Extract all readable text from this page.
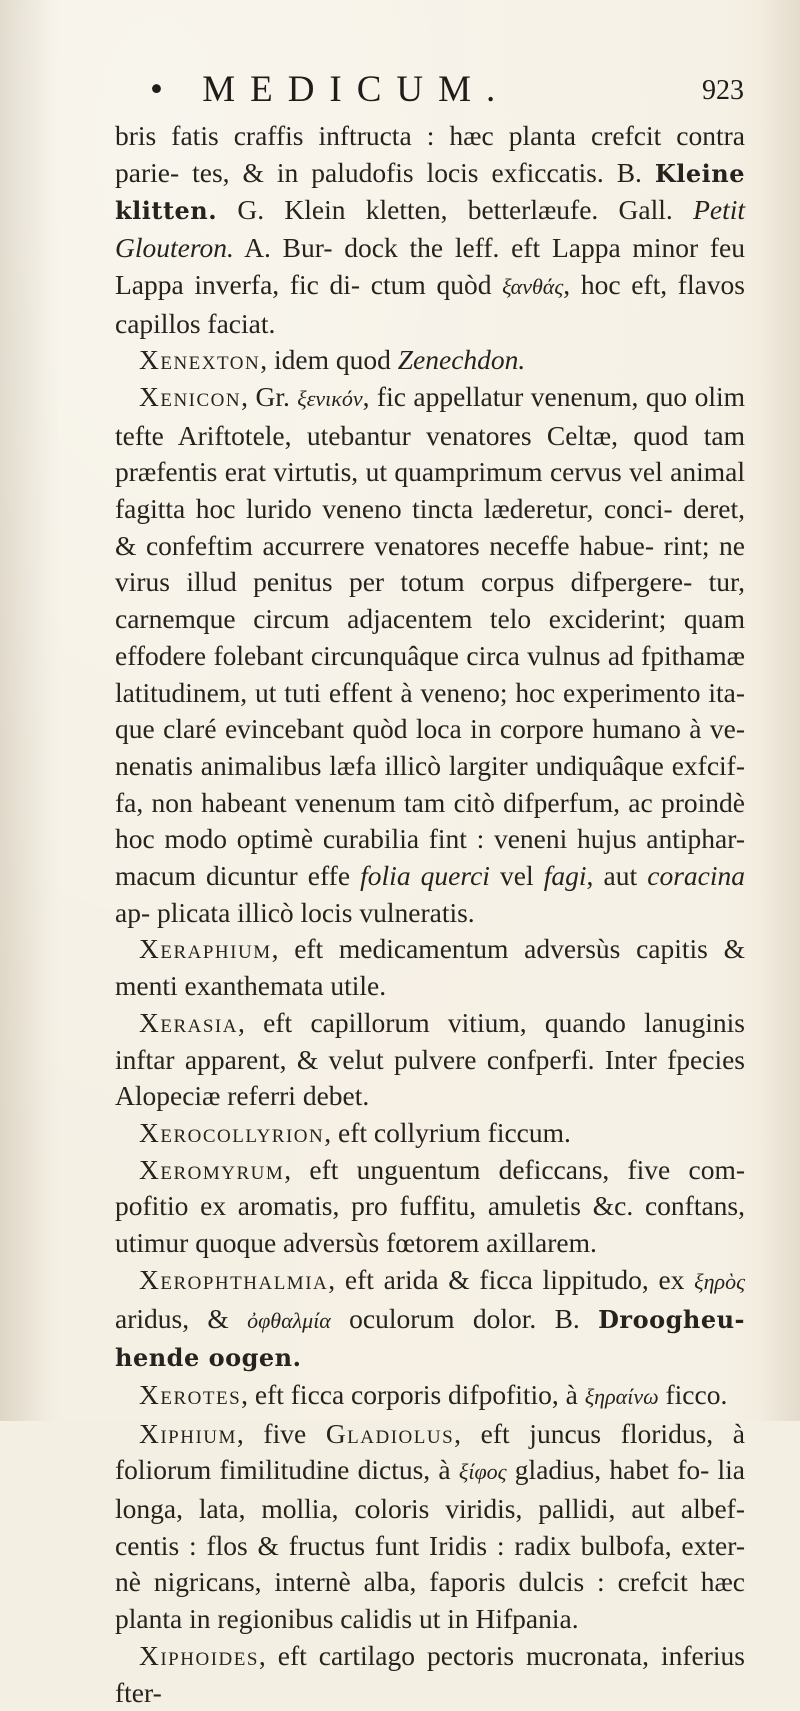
• MEDICUM.	923

bris fatis craffis inftructa : hæc planta crefcit contra parie- tes, & in paludofis locis exficcatis. B. Kleine klitten. G. Klein kletten, betterlæufe. Gall. Petit Glouteron. A. Bur- dock the leff. eft Lappa minor feu Lappa inverfa, fic di- ctum quòd ξανθάς, hoc eft, flavos capillos faciat.

Xenexton, idem quod Zenechdon.

Xenicon, Gr. ξενικόν, fic appellatur venenum, quo olim tefte Ariftotele, utebantur venatores Celtæ, quod tam præfentis erat virtutis, ut quamprimum cervus vel animal fagitta hoc lurido veneno tincta læderetur, conci- deret, & confeftim accurrere venatores neceffe habue- rint; ne virus illud penitus per totum corpus difpergere- tur, carnemque circum adjacentem telo exciderint; quam effodere folebant circunquâque circa vulnus ad fpithamæ latitudinem, ut tuti effent à veneno; hoc experimento ita- que claré evincebant quòd loca in corpore humano à ve- nenatis animalibus læfa illicò largiter undiquâque exfcif- fa, non habeant venenum tam citò difperfum, ac proindè hoc modo optimè curabilia fint : veneni hujus antiphar- macum dicuntur effe folia querci vel fagi, aut coracina ap- plicata illicò locis vulneratis.

Xeraphium, eft medicamentum adversùs capitis & menti exanthemata utile.

Xerasia, eft capillorum vitium, quando lanuginis inftar apparent, & velut pulvere confperfi. Inter fpecies Alopeciæ referri debet.

Xerocollyrion, eft collyrium ficcum.

Xeromyrum, eft unguentum deficcans, five com- pofitio ex aromatis, pro fuffitu, amuletis &c. conftans, utimur quoque adversùs fœtorem axillarem.

Xerophthalmia, eft arida & ficca lippitudo, ex ξηρὸς aridus, & ὀφθαλμία oculorum dolor. B. Droogheu- hende oogen.

Xerotes, eft ficca corporis difpofitio, à ξηραίνω ficco.

Xiphium, five Gladiolus, eft juncus floridus, à foliorum fimilitudine dictus, à ξίφος gladius, habet fo- lia longa, lata, mollia, coloris viridis, pallidi, aut albef- centis : flos & fructus funt Iridis : radix bulbofa, exter- nè nigricans, internè alba, faporis dulcis : crefcit hæc planta in regionibus calidis ut in Hifpania.

Xiphoides, eft cartilago pectoris mucronata, inferius fter-
